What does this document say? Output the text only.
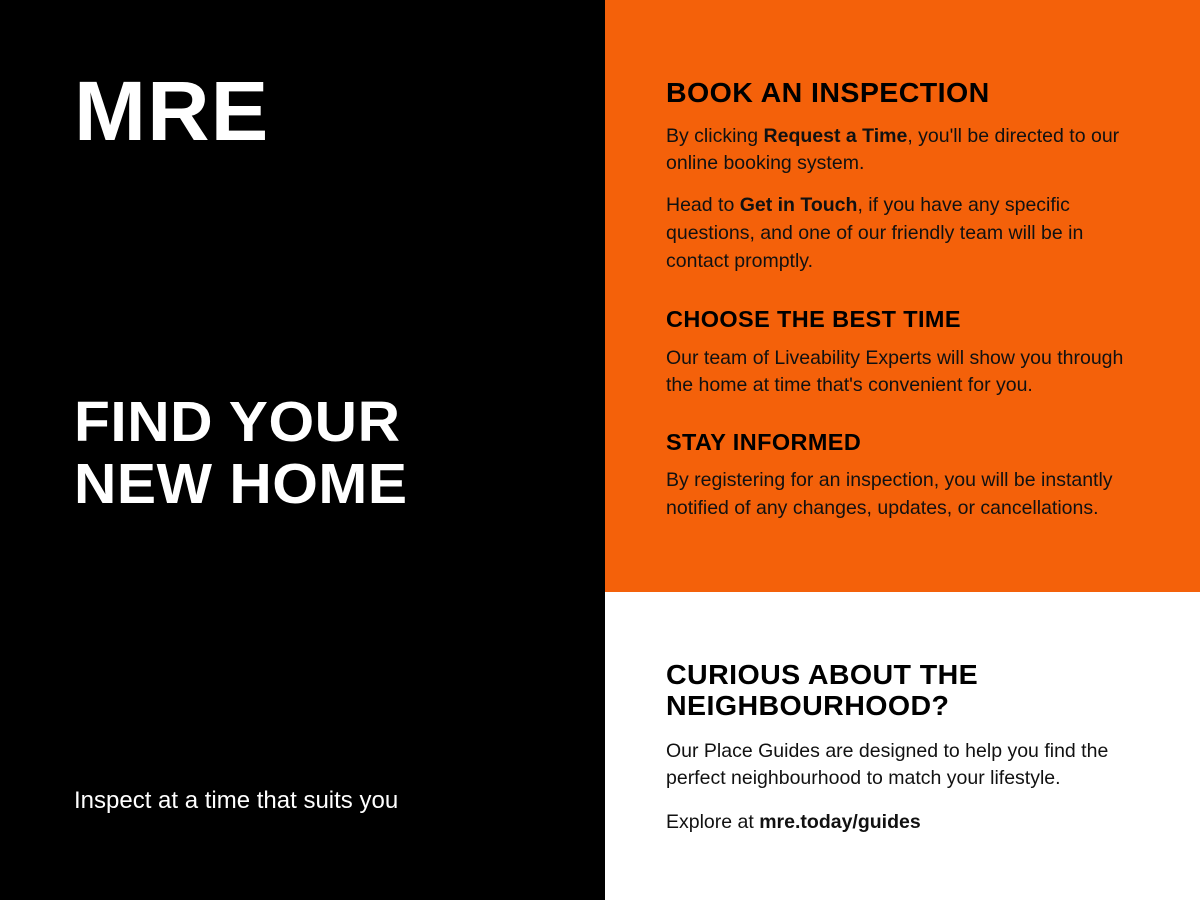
MRE
FIND YOUR
NEW HOME
Inspect at a time that suits you
BOOK AN INSPECTION

By clicking Request a Time, you'll be directed to our online booking system.

Head to Get in Touch, if you have any specific questions, and one of our friendly team will be in contact promptly.

CHOOSE THE BEST TIME

Our team of Liveability Experts will show you through the home at time that's convenient for you.

STAY INFORMED

By registering for an inspection, you will be instantly notified of any changes, updates, or cancellations.

CURIOUS ABOUT THE
NEIGHBOURHOOD?

Our Place Guides are designed to help you find the perfect neighbourhood to match your lifestyle.

Explore at mre.today/guides
